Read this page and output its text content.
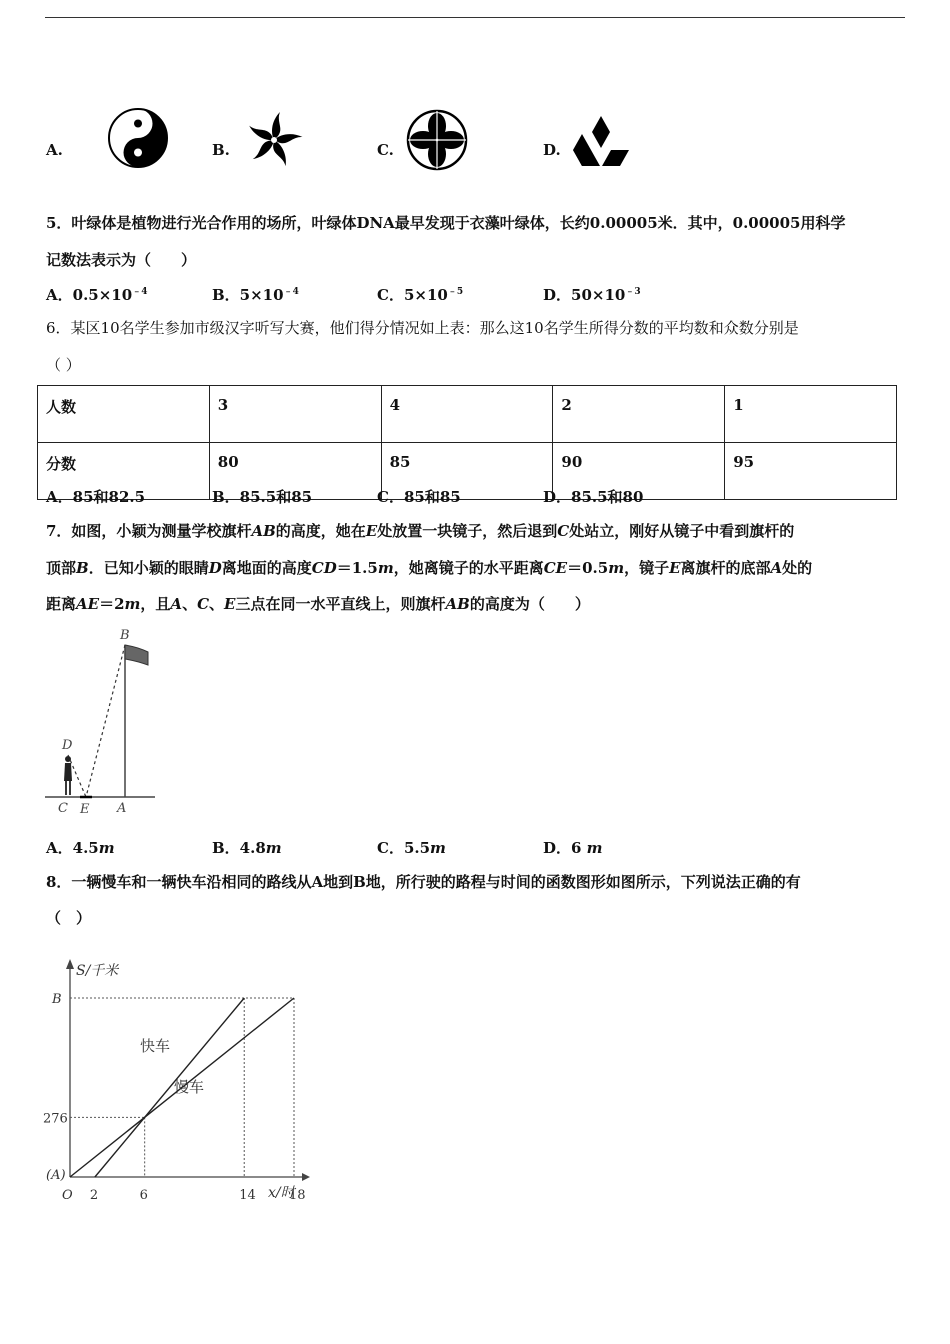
A.	B.	C.	D.
5．叶绿体是植物进行光合作用的场所，叶绿体DNA最早发现于衣藻叶绿体，长约0.00005米．其中，0.00005用科学
记数法表示为（　　）
A．$0.5\times 10^{﹣4}$	B．$5\times 10^{﹣4}$	C．$5\times 10^{﹣5}$	D．$50\times 10^{﹣3}$
6．某区10名学生参加市级汉字听写大赛，他们得分情况如上表：那么这10名学生所得分数的平均数和众数分别是
（ ）
人数	3	4	2	1
分数	80	85	90	95
A．85和82.5	B．85.5和85	C．85和85	D．85.5和80
7．如图，小颖为测量学校旗杆AB的高度，她在E处放置一块镜子，然后退到C处站立，刚好从镜子中看到旗杆的
顶部B．已知小颖的眼睛D离地面的高度CD＝1.5m，她离镜子的水平距离CE＝0.5m，镜子E离旗杆的底部A处的
距离AE＝2m，且A、C、E三点在同一水平直线上，则旗杆AB的高度为（　　）
B
D
C E A
A．4.5m	B．4.8m	C．5.5m	D．6 m
8．一辆慢车和一辆快车沿相同的路线从A地到B地，所行驶的路程与时间的函数图形如图所示，下列说法正确的有
（　）
快车
慢车
S/千米
x/时
(A)
276
B
O 2	6	14	18
